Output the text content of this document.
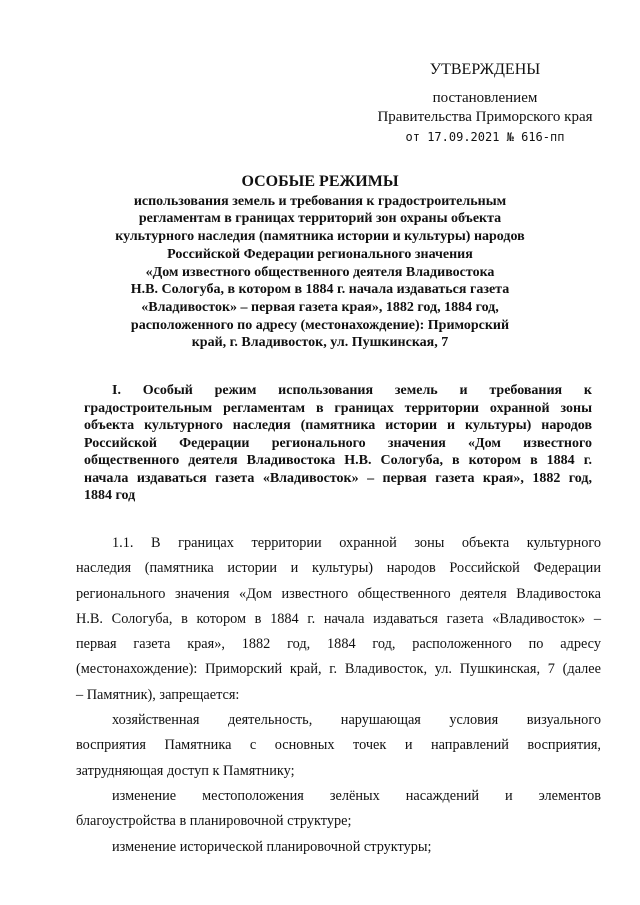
УТВЕРЖДЕНЫ
постановлением
Правительства Приморского края
от 17.09.2021 № 616-пп
ОСОБЫЕ РЕЖИМЫ
использования земель и требования к градостроительным
регламентам в границах территорий зон охраны объекта
культурного наследия (памятника истории и культуры) народов
Российской Федерации регионального значения
«Дом известного общественного деятеля Владивостока
Н.В. Сологуба, в котором в 1884 г. начала издаваться газета
«Владивосток» – первая газета края», 1882 год, 1884 год,
расположенного по адресу (местонахождение): Приморский
край, г. Владивосток, ул. Пушкинская, 7

I. Особый режим использования земель и требования к

градостроительным регламентам в границах территории охранной зоны

объекта культурного наследия (памятника истории и культуры) народов

Российской Федерации регионального значения «Дом известного

общественного деятеля Владивостока Н.В. Сологуба, в котором в 1884 г.

начала издаваться газета «Владивосток» – первая газета края», 1882 год,

1884 год

1.1. В границах территории охранной зоны объекта культурного
наследия (памятника истории и культуры) народов Российской Федерации
регионального значения «Дом известного общественного деятеля Владивостока
Н.В. Сологуба, в котором в 1884 г. начала издаваться газета «Владивосток» –
первая газета края», 1882 год, 1884 год, расположенного по адресу
(местонахождение): Приморский край, г. Владивосток, ул. Пушкинская, 7 (далее
– Памятник), запрещается:
хозяйственная деятельность, нарушающая условия визуального
восприятия Памятника с основных точек и направлений восприятия,
затрудняющая доступ к Памятнику;
изменение местоположения зелёных насаждений и элементов
благоустройства в планировочной структуре;
изменение исторической планировочной структуры;
